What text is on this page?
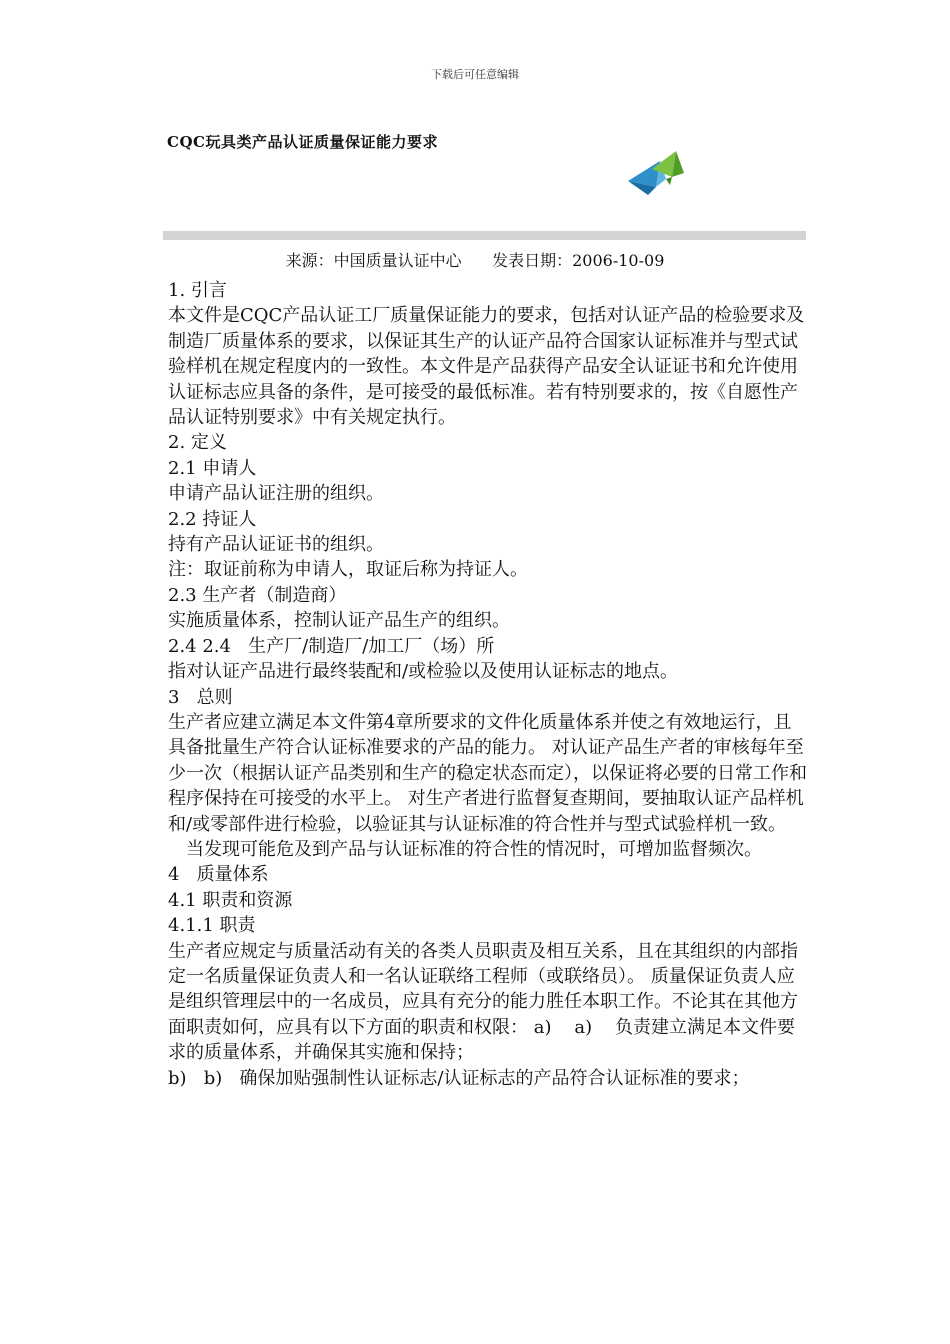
下载后可任意编辑
CQC玩具类产品认证质量保证能力要求
来源：中国质量认证中心      发表日期：2006-10-09

1. 引言

本文件是CQC产品认证工厂质量保证能力的要求，包括对认证产品的检验要求及制造厂质量体系的要求，以保证其生产的认证产品符合国家认证标准并与型式试验样机在规定程度内的一致性。本文件是产品获得产品安全认证证书和允许使用认证标志应具备的条件，是可接受的最低标准。若有特别要求的，按《自愿性产品认证特别要求》中有关规定执行。

2. 定义

2.1 申请人

申请产品认证注册的组织。

2.2 持证人

持有产品认证证书的组织。

注：取证前称为申请人，取证后称为持证人。

2.3 生产者（制造商）

实施质量体系，控制认证产品生产的组织。

2.4 2.4   生产厂/制造厂/加工厂（场）所

指对认证产品进行最终装配和/或检验以及使用认证标志的地点。

3   总则

生产者应建立满足本文件第4章所要求的文件化质量体系并使之有效地运行，且具备批量生产符合认证标准要求的产品的能力。 对认证产品生产者的审核每年至少一次（根据认证产品类别和生产的稳定状态而定），以保证将必要的日常工作和程序保持在可接受的水平上。 对生产者进行监督复查期间，要抽取认证产品样机和/或零部件进行检验，以验证其与认证标准的符合性并与型式试验样机一致。

当发现可能危及到产品与认证标准的符合性的情况时，可增加监督频次。

4   质量体系

4.1 职责和资源

4.1.1 职责

生产者应规定与质量活动有关的各类人员职责及相互关系，且在其组织的内部指定一名质量保证负责人和一名认证联络工程师（或联络员）。 质量保证负责人应是组织管理层中的一名成员，应具有充分的能力胜任本职工作。不论其在其他方面职责如何，应具有以下方面的职责和权限： a)    a)    负责建立满足本文件要求的质量体系，并确保其实施和保持；

b)   b)   确保加贴强制性认证标志/认证标志的产品符合认证标准的要求；
